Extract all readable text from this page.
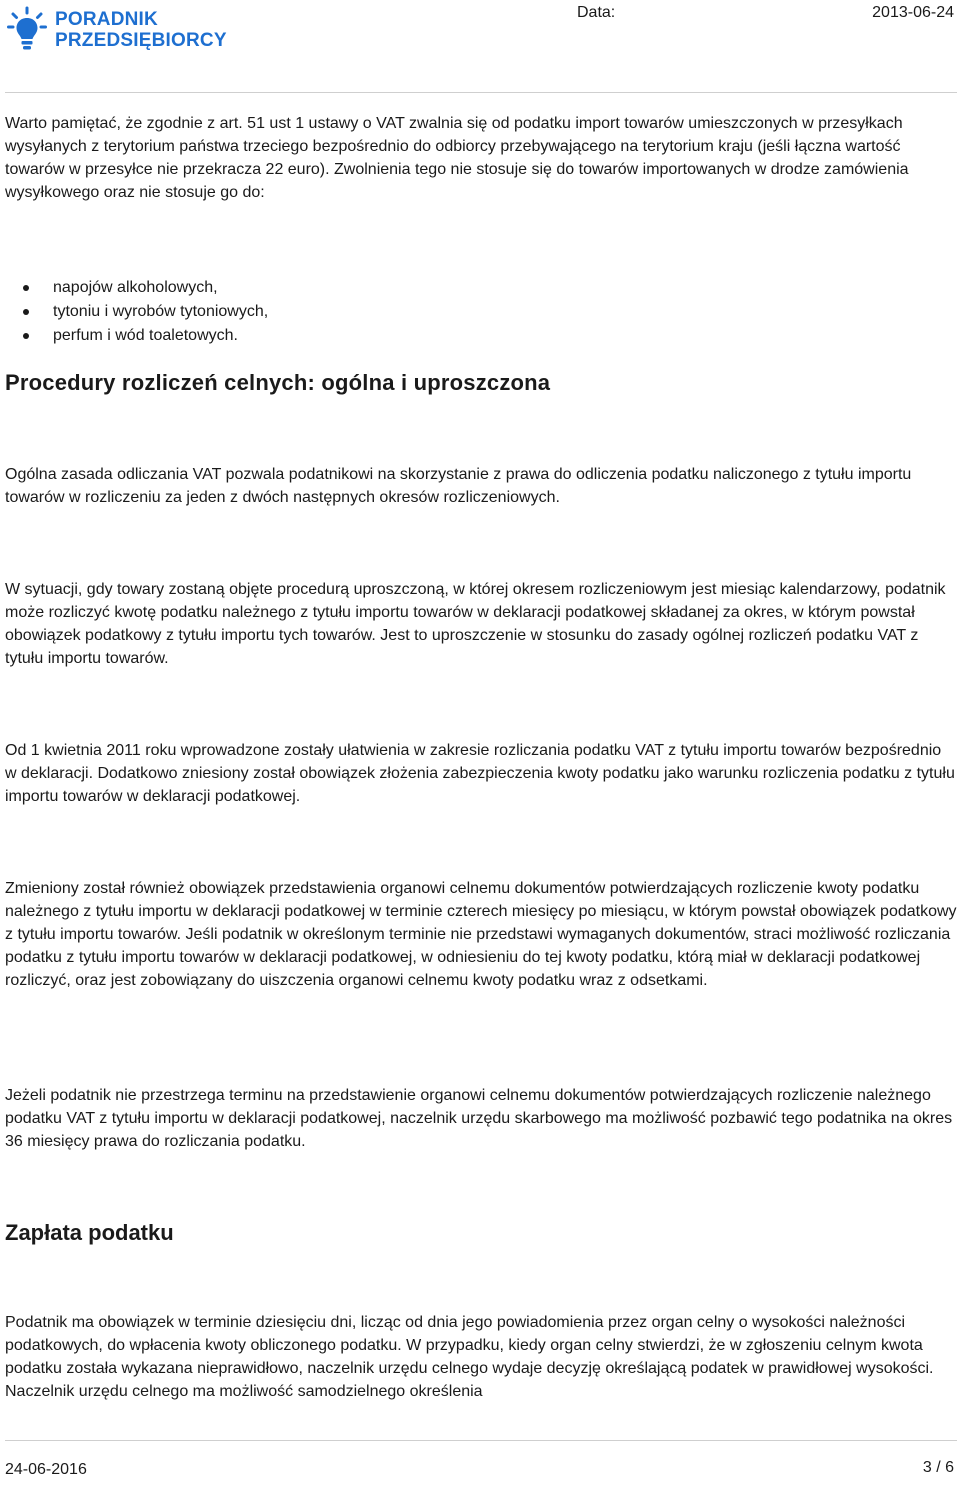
PORADNIK
PRZEDSIĘBIORCY
Data:	2013-06-24

Warto pamiętać, że zgodnie z art. 51 ust 1 ustawy o VAT zwalnia się od podatku import towarów umieszczonych w przesyłkach wysyłanych z terytorium państwa trzeciego bezpośrednio do odbiorcy przebywającego na terytorium kraju (jeśli łączna wartość towarów w przesyłce nie przekracza 22 euro). Zwolnienia tego nie stosuje się do towarów importowanych w drodze zamówienia wysyłkowego oraz nie stosuje go do:

napojów alkoholowych,
tytoniu i wyrobów tytoniowych,
perfum i wód toaletowych.
Procedury rozliczeń celnych: ogólna i uproszczona

Ogólna zasada odliczania VAT pozwala podatnikowi na skorzystanie z prawa do odliczenia podatku naliczonego z tytułu importu towarów w rozliczeniu za jeden z dwóch następnych okresów rozliczeniowych.

W sytuacji, gdy towary zostaną objęte procedurą uproszczoną, w której okresem rozliczeniowym jest miesiąc kalendarzowy, podatnik może rozliczyć kwotę podatku należnego z tytułu importu towarów w deklaracji podatkowej składanej za okres, w którym powstał obowiązek podatkowy z tytułu importu tych towarów. Jest to uproszczenie w stosunku do zasady ogólnej rozliczeń podatku VAT z tytułu importu towarów.

Od 1 kwietnia 2011 roku wprowadzone zostały ułatwienia w zakresie rozliczania podatku VAT z tytułu importu towarów bezpośrednio w deklaracji. Dodatkowo zniesiony został obowiązek złożenia zabezpieczenia kwoty podatku jako warunku rozliczenia podatku z tytułu importu towarów w deklaracji podatkowej.

Zmieniony został również obowiązek przedstawienia organowi celnemu dokumentów potwierdzających rozliczenie kwoty podatku należnego z tytułu importu w deklaracji podatkowej w terminie czterech miesięcy po miesiącu, w którym powstał obowiązek podatkowy z tytułu importu towarów. Jeśli podatnik w określonym terminie nie przedstawi wymaganych dokumentów, straci możliwość rozliczania podatku z tytułu importu towarów w deklaracji podatkowej, w odniesieniu do tej kwoty podatku, którą miał w deklaracji podatkowej rozliczyć, oraz jest zobowiązany do uiszczenia organowi celnemu kwoty podatku wraz z odsetkami.

Jeżeli podatnik nie przestrzega terminu na przedstawienie organowi celnemu dokumentów potwierdzających rozliczenie należnego podatku VAT z tytułu importu w deklaracji podatkowej, naczelnik urzędu skarbowego ma możliwość pozbawić tego podatnika na okres 36 miesięcy prawa do rozliczania podatku.

Zapłata podatku

Podatnik ma obowiązek w terminie dziesięciu dni, licząc od dnia jego powiadomienia przez organ celny o wysokości należności podatkowych, do wpłacenia kwoty obliczonego podatku. W przypadku, kiedy organ celny stwierdzi, że w zgłoszeniu celnym kwota podatku została wykazana nieprawidłowo, naczelnik urzędu celnego wydaje decyzję określającą podatek w prawidłowej wysokości. Naczelnik urzędu celnego ma możliwość samodzielnego określenia

24-06-2016	3 / 6
